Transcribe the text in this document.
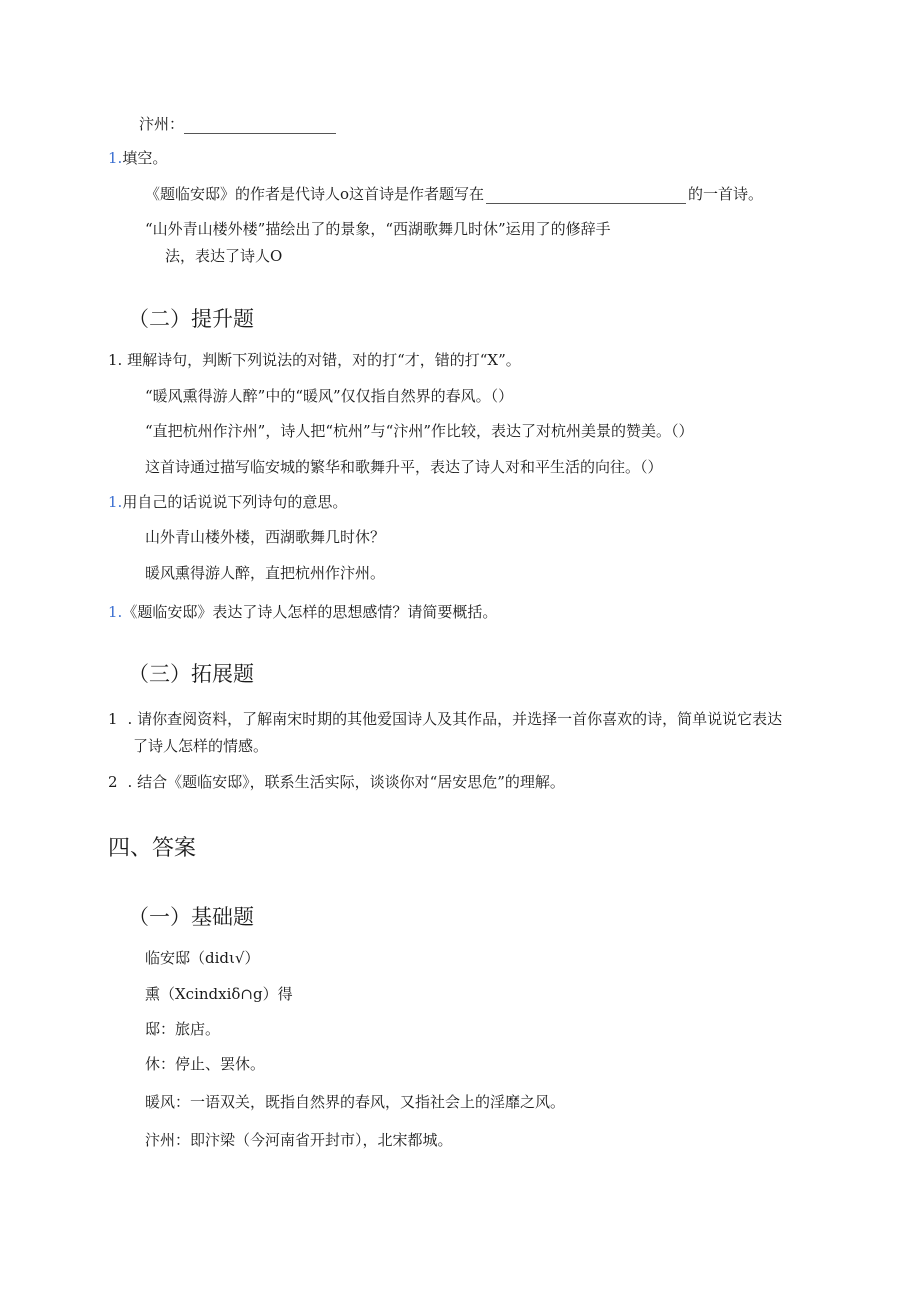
汴州：
1.填空。
《题临安邸》的作者是代诗人o这首诗是作者题写在	的一首诗。
“山外青山楼外楼”描绘出了的景象，“西湖歌舞几时休”运用了的修辞手
法，表达了诗人O
（二）提升题
1. 理解诗句，判断下列说法的对错，对的打“才，错的打“X”。
“暖风熏得游人醉”中的“暖风”仅仅指自然界的春风。（）
“直把杭州作汴州”，诗人把“杭州”与“汴州”作比较，表达了对杭州美景的赞美。（）
这首诗通过描写临安城的繁华和歌舞升平，表达了诗人对和平生活的向往。（）
1.用自己的话说说下列诗句的意思。
山外青山楼外楼，西湖歌舞几时休？
暖风熏得游人醉，直把杭州作汴州。
1.《题临安邸》表达了诗人怎样的思想感情？请简要概括。
（三）拓展题
1 . 请你查阅资料，了解南宋时期的其他爱国诗人及其作品，并选择一首你喜欢的诗，简单说说它表达
了诗人怎样的情感。
2 . 结合《题临安邸》，联系生活实际，谈谈你对“居安思危”的理解。
四、答案
（一）基础题
临安邸（didι√）
熏（Xcindxiδ∩g）得
邸：旅店。
休：停止、罢休。
暖风：一语双关，既指自然界的春风，又指社会上的淫靡之风。
汴州：即汴梁（今河南省开封市），北宋都城。
